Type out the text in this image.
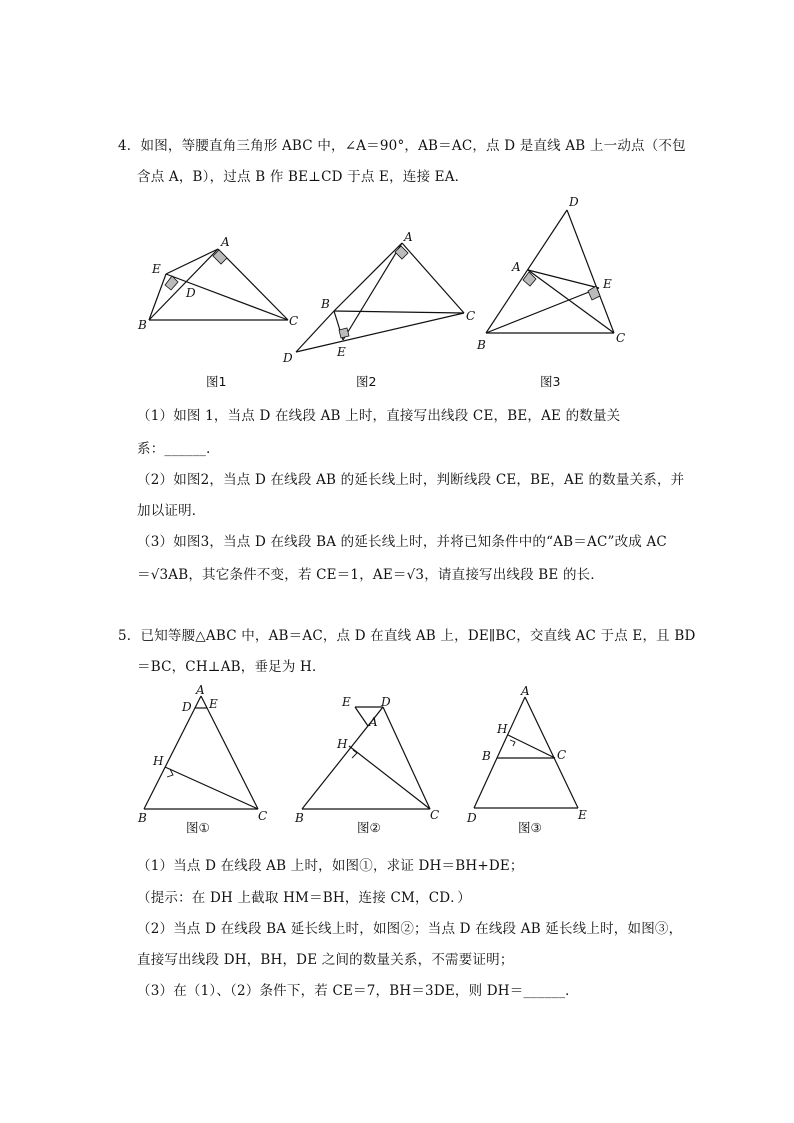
4．如图，等腰直角三角形 ABC 中，∠A＝90°，AB＝AC，点 D 是直线 AB 上一动点（不包
含点 A，B），过点 B 作 BE⊥CD 于点 E，连接 EA．
A
E
D
B	C
图1
A
B
C
E
D
图2
D
A
E
B	C
图3
（1）如图 1，当点 D 在线段 AB 上时，直接写出线段 CE，BE，AE 的数量关
系：______．
（2）如图2，当点 D 在线段 AB 的延长线上时，判断线段 CE，BE，AE 的数量关系，并
加以证明．
（3）如图3，当点 D 在线段 BA 的延长线上时，并将已知条件中的“AB＝AC”改成 AC
＝√3AB，其它条件不变，若 CE＝1，AE＝√3，请直接写出线段 BE 的长．
5．已知等腰△ABC 中，AB＝AC，点 D 在直线 AB 上，DE∥BC，交直线 AC 于点 E，且 BD
＝BC，CH⊥AB，垂足为 H．
A
D E
H
B	C
图①
E	D
A
H
B	C
图②
A
H
B	C
D	E
图③
（1）当点 D 在线段 AB 上时，如图①，求证 DH＝BH+DE；
（提示：在 DH 上截取 HM＝BH，连接 CM，CD．）
（2）当点 D 在线段 BA 延长线上时，如图②；当点 D 在线段 AB 延长线上时，如图③，
直接写出线段 DH，BH，DE 之间的数量关系，不需要证明；
（3）在（1）、（2）条件下，若 CE＝7，BH＝3DE，则 DH＝______．
